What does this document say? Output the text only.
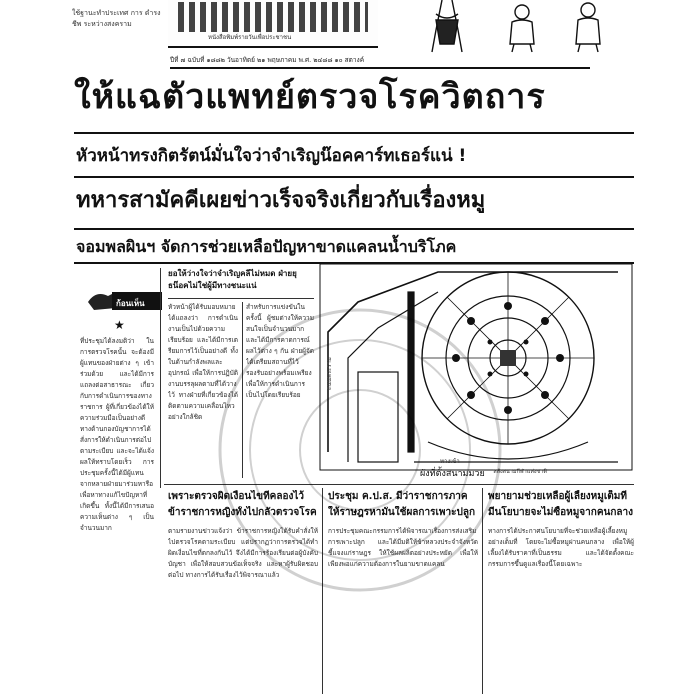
ใช้ฐานะทำประเทศ การ ดำรงชีพ ระหว่างสงคราม
หนังสือพิมพ์รายวันเพื่อประชาชน
ปีที่ ๗ ฉบับที่ ๑๘๘๒ วันอาทิตย์ ๒๑ พฤษภาคม พ.ศ. ๒๔๘๘ ๑๐ สตางค์
ให้แฉตัวแพทย์ตรวจโรควิตถาร
หัวหน้าทรงกิตรัตน์มั่นใจว่าจำเริญน๊อคคาร์ทเธอร์แน่ !
ทหารสามัคคีเผยข่าวเร็จจริงเกี่ยวกับเรื่องหมู
จอมพลผินฯ จัดการช่วยเหลือปัญหาขาดแคลนน้ำบริโภค
ก้อนเห็น
★
ที่ประชุมได้ลงมติว่า ในการตรวจโรคนั้น จะต้องมีผู้แทนของฝ่ายต่าง ๆ เข้าร่วมด้วย และได้มีการแถลงต่อสาธารณะ เกี่ยวกับการดำเนินการของทางราชการ ผู้ที่เกี่ยวข้องได้ให้ความร่วมมือเป็นอย่างดี ทางด้านกองบัญชาการได้สั่งการให้ดำเนินการต่อไปตามระเบียบ และจะได้แจ้งผลให้ทราบโดยเร็ว การประชุมครั้งนี้ได้มีผู้แทนจากหลายฝ่ายมาร่วมหารือ เพื่อหาทางแก้ไขปัญหาที่เกิดขึ้น ทั้งนี้ได้มีการเสนอความเห็นต่าง ๆ เป็นจำนวนมาก
ยอให้ว่างใจว่าจำเริญคลีไม่หมด ฝ่ายยุธน๊อคไม่ใช่ผู้มีทางชนะแน่
หัวหน้าผู้ได้รับมอบหมายได้แถลงว่า การดำเนินงานเป็นไปด้วยความเรียบร้อย และได้มีการเตรียมการไว้เป็นอย่างดี ทั้งในด้านกำลังพลและอุปกรณ์ เพื่อให้การปฏิบัติงานบรรลุผลตามที่ได้วางไว้ ทางฝ่ายที่เกี่ยวข้องได้ติดตามความเคลื่อนไหวอย่างใกล้ชิด
สำหรับการแข่งขันในครั้งนี้ ผู้ชมต่างให้ความสนใจเป็นจำนวนมาก และได้มีการคาดการณ์ผลไว้ต่าง ๆ กัน ฝ่ายผู้จัดได้เตรียมสถานที่ไว้รองรับอย่างพร้อมเพรียง เพื่อให้การดำเนินการเป็นไปโดยเรียบร้อย
ถนนพระราม
ทางเข้า
ผังที่ตั้งสนามมวย หลังสนามกีฬาแห่งชาติ
เพราะตรวจผิดเงื่อนไขทีคลองไว้
ข้าราชการหญิงทั้งไปกลัวตรวจโรค
ตามรายงานข่าวแจ้งว่า ข้าราชการหญิงได้รับคำสั่งให้ไปตรวจโรคตามระเบียบ แต่ปรากฏว่าการตรวจได้ทำผิดเงื่อนไขที่ตกลงกันไว้ จึงได้มีการร้องเรียนต่อผู้บังคับบัญชา เพื่อให้สอบสวนข้อเท็จจริง และหาผู้รับผิดชอบต่อไป ทางการได้รับเรื่องไว้พิจารณาแล้ว
ประชุม ค.ป.ส. มีว่าราชการภาค
ให้ราษฎรหามั่นใช้ผลการเพาะปลูก
การประชุมคณะกรรมการได้พิจารณาเรื่องการส่งเสริมการเพาะปลูก และได้มีมติให้ข้าหลวงประจำจังหวัดชี้แจงแก่ราษฎร ให้ใช้ผลผลิตอย่างประหยัด เพื่อให้เพียงพอแก่ความต้องการในยามขาดแคลน
พยายามช่วยเหลือผู้เลี้ยงหมูเต็มที่
มีนโยบายจะไม่ซื้อหมูจากคนกลาง
ทางการได้ประกาศนโยบายที่จะช่วยเหลือผู้เลี้ยงหมูอย่างเต็มที่ โดยจะไม่ซื้อหมูผ่านคนกลาง เพื่อให้ผู้เลี้ยงได้รับราคาที่เป็นธรรม และได้จัดตั้งคณะกรรมการขึ้นดูแลเรื่องนี้โดยเฉพาะ
